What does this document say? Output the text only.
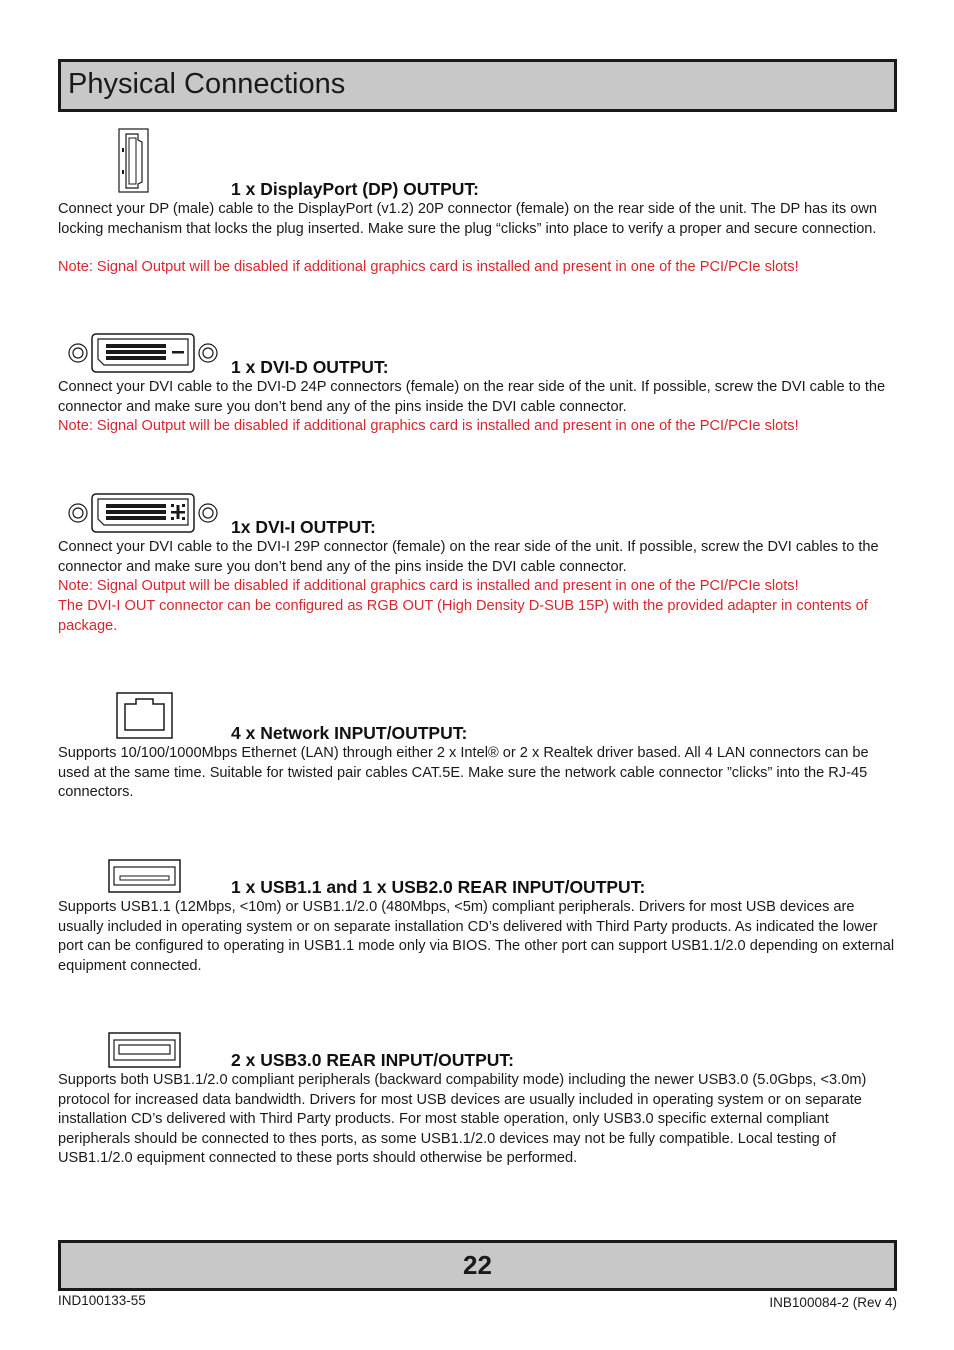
Physical Connections
1 x DisplayPort (DP) OUTPUT:
Connect your DP (male) cable to the DisplayPort (v1.2) 20P connector (female) on the rear side of the unit. The DP has its own locking mechanism that locks the plug inserted. Make sure the plug “clicks” into place to verify a proper and secure connection.
Note: Signal Output will be disabled if additional graphics card is installed and present in one of the PCI/PCIe slots!
1 x DVI-D OUTPUT:
Connect your DVI cable to the DVI-D 24P connectors (female) on the rear side of the unit. If possible, screw the DVI cable to the connector and make sure you don’t bend any of the pins inside the DVI cable connector.
Note: Signal Output will be disabled if additional graphics card is installed and present in one of the PCI/PCIe slots!
1x DVI-I OUTPUT:
Connect your DVI cable to the DVI-I 29P connector (female) on the rear side of the unit. If possible, screw the DVI cables to the connector and make sure you don’t bend any of the pins inside the DVI cable connector.
Note: Signal Output will be disabled if additional graphics card is installed and present in one of the PCI/PCIe slots!
The DVI-I OUT connector can be configured as RGB OUT (High Density D-SUB 15P) with the provided adapter in contents of package.
4 x Network INPUT/OUTPUT:
Supports 10/100/1000Mbps Ethernet (LAN) through either 2 x Intel® or 2 x Realtek driver based. All 4 LAN connectors can be used at the same time. Suitable for twisted pair cables CAT.5E. Make sure the network cable connector ”clicks” into the RJ-45 connectors.
1 x USB1.1 and 1 x USB2.0 REAR INPUT/OUTPUT:
Supports USB1.1 (12Mbps, <10m) or USB1.1/2.0 (480Mbps, <5m) compliant peripherals. Drivers for most USB devices are usually included in operating system or on separate installation CD’s delivered with Third Party products. As indicated the lower port can be configured to operating in USB1.1 mode only via BIOS. The other port can support USB1.1/2.0 depending on external equipment connected.
2 x USB3.0 REAR INPUT/OUTPUT:
Supports both USB1.1/2.0 compliant peripherals (backward compability mode) including the newer USB3.0 (5.0Gbps, <3.0m) protocol for increased data bandwidth. Drivers for most USB devices are usually included in operating system or on separate installation CD’s delivered with Third Party products. For most stable operation, only USB3.0 specific external compliant peripherals should be connected to thes ports, as some USB1.1/2.0 devices may not be fully compatible. Local testing of USB1.1/2.0 equipment connected to these ports should otherwise be performed.
22
IND100133-55	INB100084-2 (Rev 4)
